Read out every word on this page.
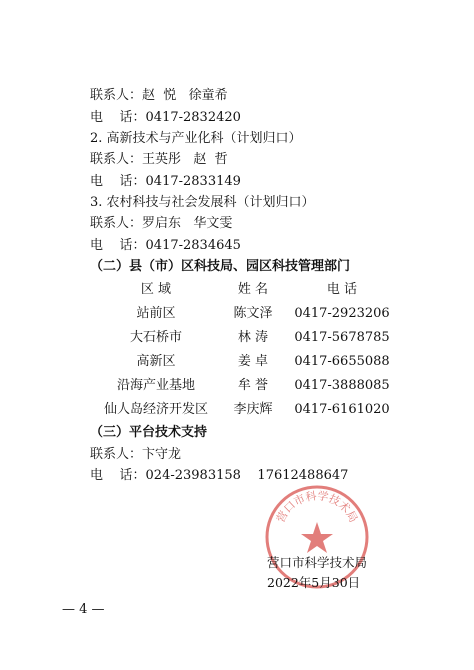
联系人：赵  悦   徐童希
电    话：0417-2832420
2. 高新技术与产业化科（计划归口）
联系人：王英彤   赵  哲
电    话：0417-2833149
3. 农村科技与社会发展科（计划归口）
联系人：罗启东   华文雯
电    话：0417-2834645
（二）县（市）区科技局、园区科技管理部门
区 域	姓 名	电 话
站前区	陈文泽	0417-2923206
大石桥市	林 涛	0417-5678785
高新区	姜 卓	0417-6655088
沿海产业基地	牟 誉	0417-3888085
仙人岛经济开发区	李庆辉	0417-6161020
（三）平台技术支持
联系人：卞守龙
电    话：024-23983158    17612488647
营口市科学技术局
营口市科学技术局
2022年5月30日
— 4 —
